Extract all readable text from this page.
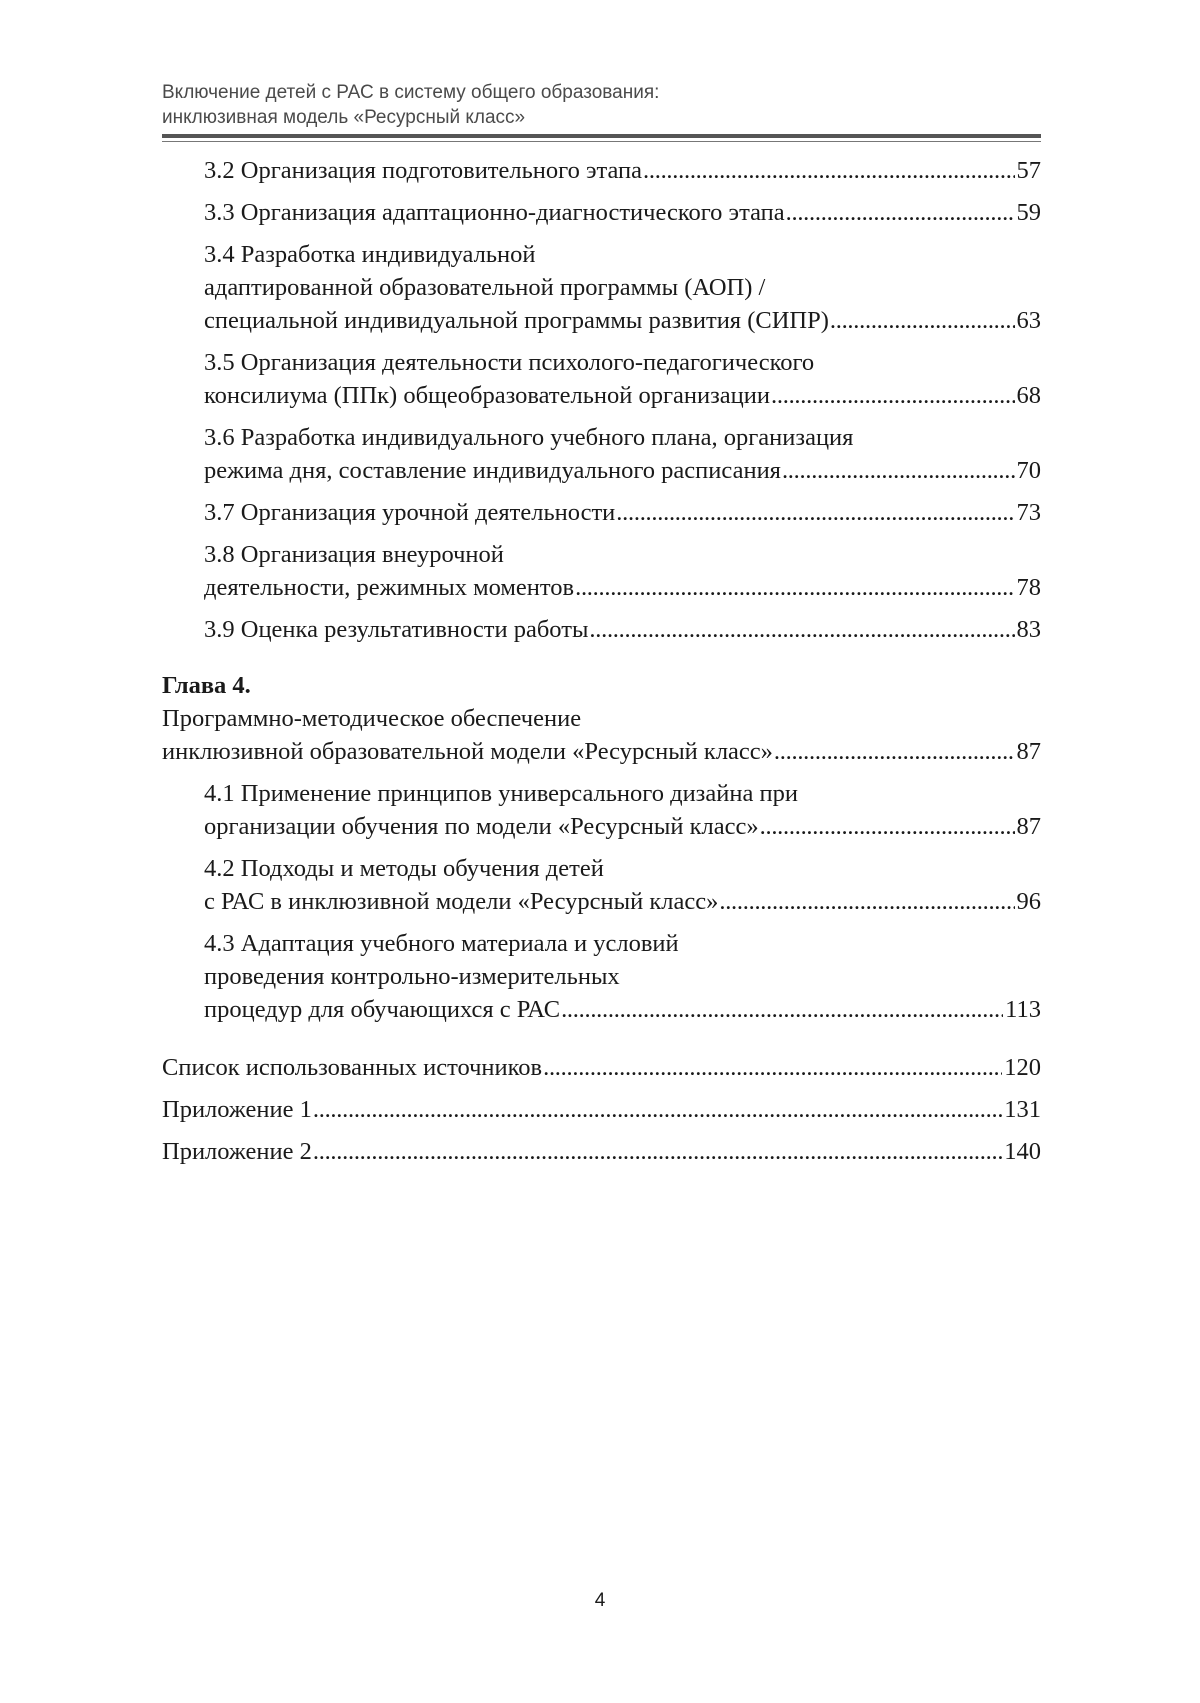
Включение детей с РАС в систему общего образования:
инклюзивная модель «Ресурсный класс»
3.2 Организация подготовительного этапа . . .	57
3.3 Организация адаптационно-диагностического этапа . . .	59
3.4 Разработка индивидуальной
адаптированной образовательной программы (АОП) /
специальной индивидуальной программы развития (СИПР) . . .	63
3.5 Организация деятельности психолого-педагогического
консилиума (ППк) общеобразовательной организации . . .	68
3.6 Разработка индивидуального учебного плана, организация
режима дня, составление индивидуального расписания . . .	70
3.7 Организация урочной деятельности . . .	73
3.8 Организация внеурочной
деятельности, режимных моментов . . .	78
3.9 Оценка результативности работы . . .	83
Глава 4.
Программно-методическое обеспечение
инклюзивной образовательной модели «Ресурсный класс» . . .	87
4.1 Применение принципов универсального дизайна при
организации обучения по модели «Ресурсный класс» . . .	87
4.2 Подходы и методы обучения детей
с РАС в инклюзивной модели «Ресурсный класс» . . .	96
4.3 Адаптация учебного материала и условий
проведения контрольно-измерительных
процедур для обучающихся с РАС . . .	113
Список использованных источников . . .	120
Приложение 1 . . .	131
Приложение 2 . . .	140
4
